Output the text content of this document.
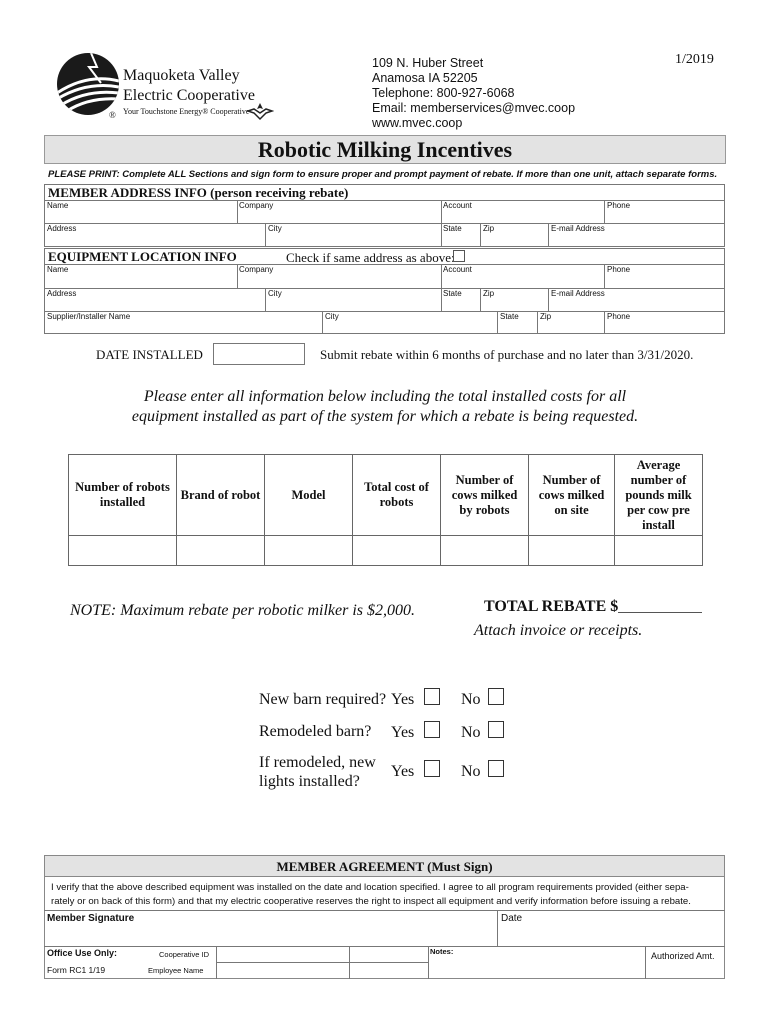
Maquoketa Valley
Electric Cooperative
® Your Touchstone Energy® Cooperative
109 N. Huber Street
Anamosa IA 52205
Telephone: 800-927-6068
Email: memberservices@mvec.coop
www.mvec.coop
1/2019
Robotic Milking Incentives
PLEASE PRINT: Complete ALL Sections and sign form to ensure proper and prompt payment of rebate. If more than one unit, attach separate forms.
MEMBER ADDRESS INFO (person receiving rebate)
Name	Company	Account	Phone
Address	City	State	Zip	E-mail Address
EQUIPMENT LOCATION INFO	Check if same address as above:
Name	Company	Account	Phone
Address	City	State	Zip	E-mail Address
Supplier/Installer Name	City	State	Zip	Phone
DATE INSTALLED	Submit rebate within 6 months of purchase and no later than 3/31/2020.
Please enter all information below including the total installed costs for all
equipment installed as part of the system for which a rebate is being requested.
Number of robots installed	Brand of robot	Model	Total cost of robots	Number of cows milked by robots	Number of cows milked on site	Average number of pounds milk per cow pre install

NOTE: Maximum rebate per robotic milker is $2,000.	TOTAL REBATE $
Attach invoice or receipts.
New barn required? Yes	No
Remodeled barn? Yes	No
If remodeled, new
lights installed?
Yes	No
MEMBER AGREEMENT (Must Sign)
I verify that the above described equipment was installed on the date and location specified. I agree to all program requirements provided (either sepa-
rately or on back of this form) and that my electric cooperative reserves the right to inspect all equipment and verify information before issuing a rebate.
Member Signature	Date
Office Use Only:	Cooperative ID
Form RC1 1/19	Employee Name
Notes:	Authorized Amt.
